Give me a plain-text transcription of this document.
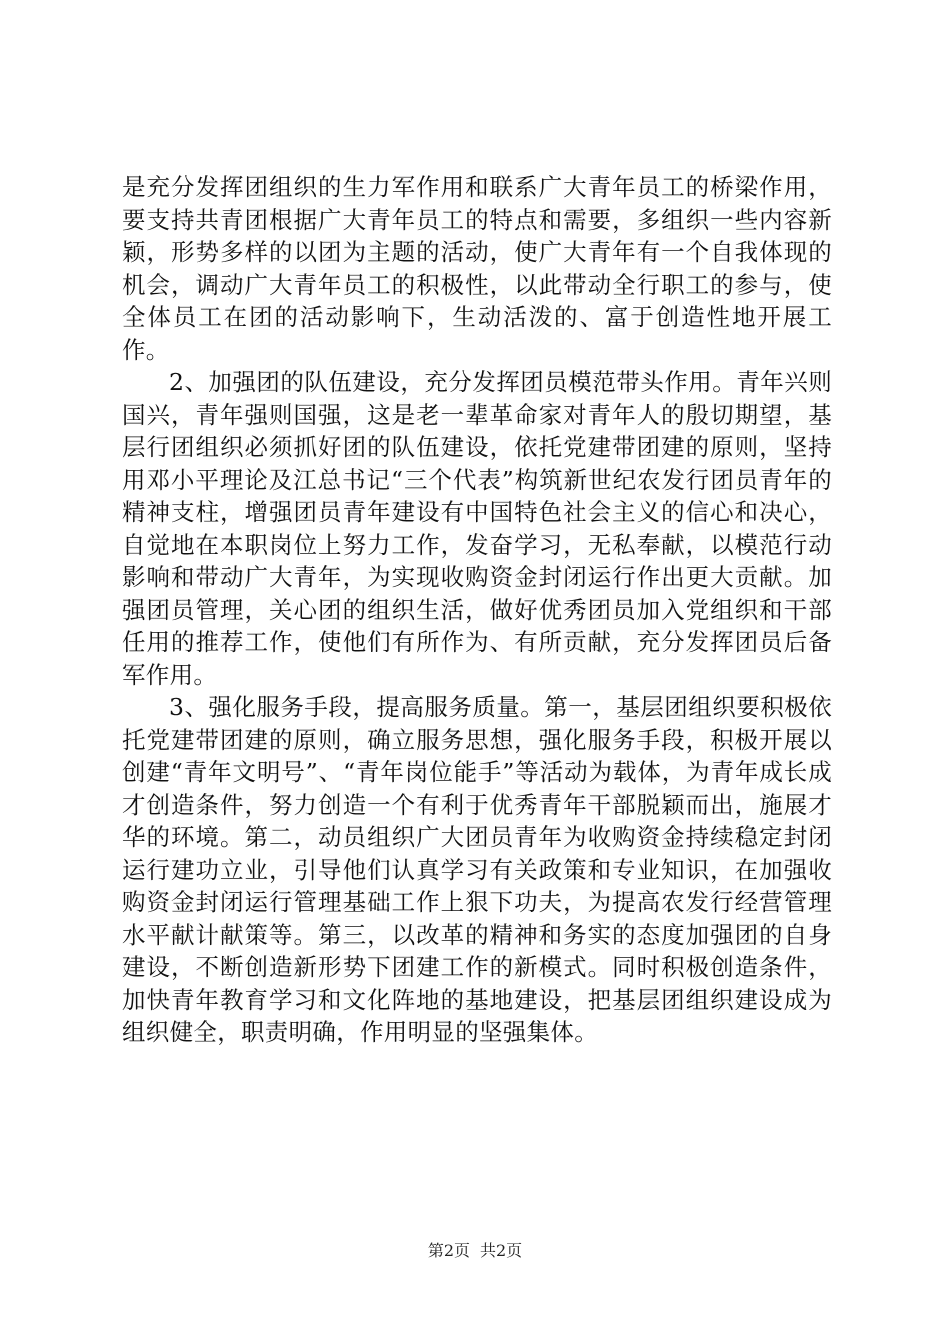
是充分发挥团组织的生力军作用和联系广大青年员工的桥梁作用，要支持共青团根据广大青年员工的特点和需要，多组织一些内容新颖，形势多样的以团为主题的活动，使广大青年有一个自我体现的机会，调动广大青年员工的积极性，以此带动全行职工的参与，使全体员工在团的活动影响下，生动活泼的、富于创造性地开展工作。

2、加强团的队伍建设，充分发挥团员模范带头作用。青年兴则国兴，青年强则国强，这是老一辈革命家对青年人的殷切期望，基层行团组织必须抓好团的队伍建设，依托党建带团建的原则，坚持用邓小平理论及江总书记“三个代表”构筑新世纪农发行团员青年的精神支柱，增强团员青年建设有中国特色社会主义的信心和决心，自觉地在本职岗位上努力工作，发奋学习，无私奉献，以模范行动影响和带动广大青年，为实现收购资金封闭运行作出更大贡献。加强团员管理，关心团的组织生活，做好优秀团员加入党组织和干部任用的推荐工作，使他们有所作为、有所贡献，充分发挥团员后备军作用。

3、强化服务手段，提高服务质量。第一，基层团组织要积极依托党建带团建的原则，确立服务思想，强化服务手段，积极开展以创建“青年文明号”、“青年岗位能手”等活动为载体，为青年成长成才创造条件，努力创造一个有利于优秀青年干部脱颖而出，施展才华的环境。第二，动员组织广大团员青年为收购资金持续稳定封闭运行建功立业，引导他们认真学习有关政策和专业知识，在加强收购资金封闭运行管理基础工作上狠下功夫，为提高农发行经营管理水平献计献策等。第三，以改革的精神和务实的态度加强团的自身建设，不断创造新形势下团建工作的新模式。同时积极创造条件，加快青年教育学习和文化阵地的基地建设，把基层团组织建设成为组织健全，职责明确，作用明显的坚强集体。

第2页 共2页
